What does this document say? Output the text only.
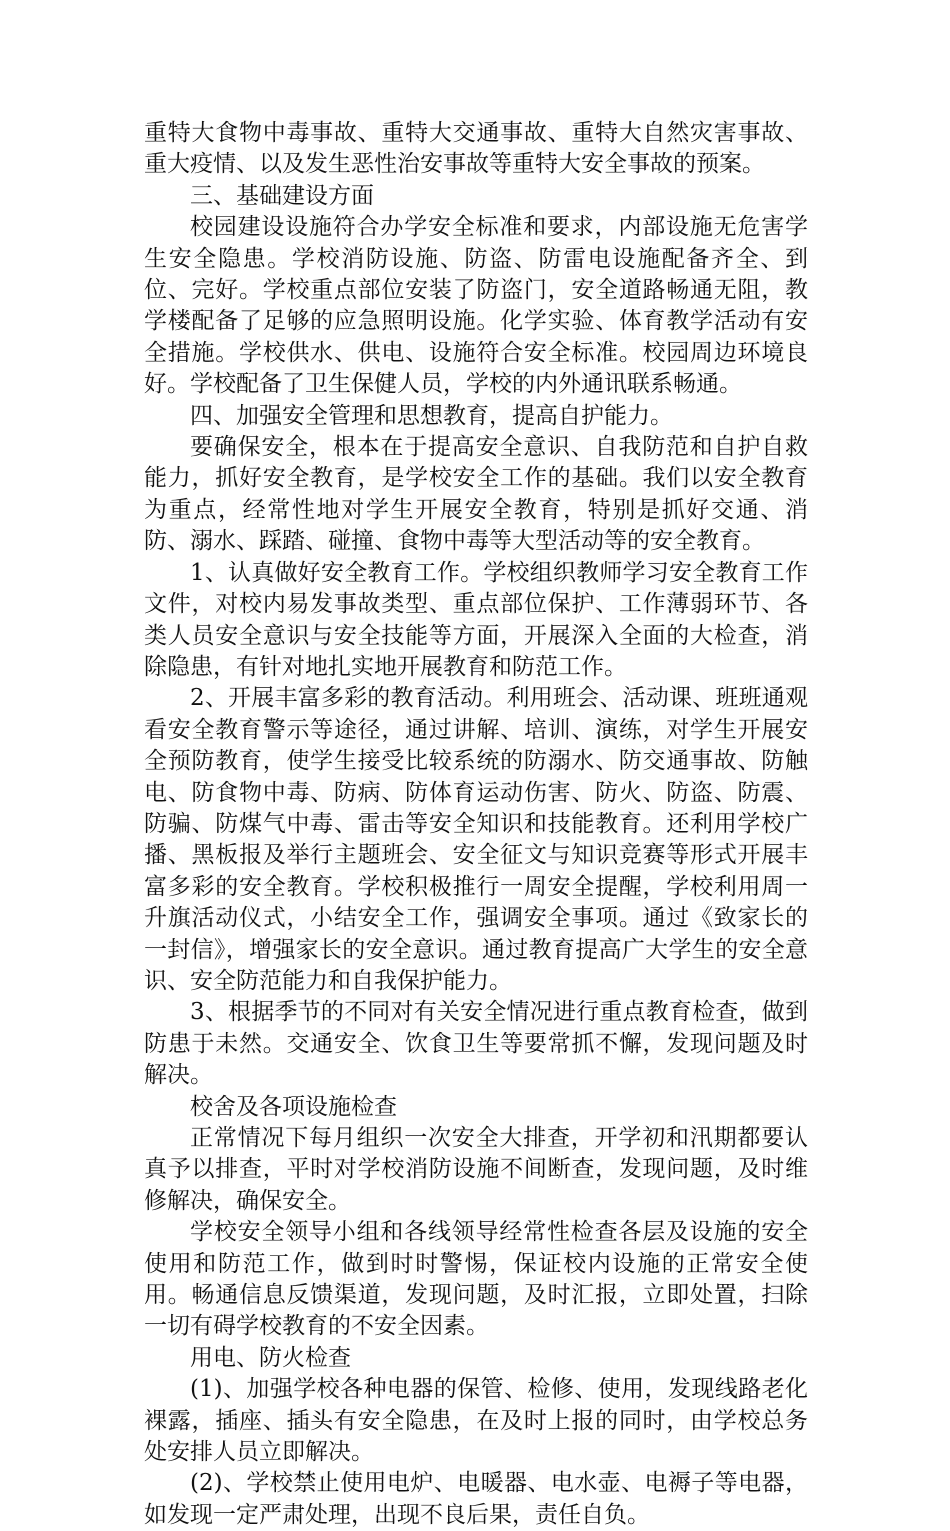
重特大食物中毒事故、重特大交通事故、重特大自然灾害事故、重大疫情、以及发生恶性治安事故等重特大安全事故的预案。

三、基础建设方面

校园建设设施符合办学安全标准和要求，内部设施无危害学生安全隐患。学校消防设施、防盗、防雷电设施配备齐全、到位、完好。学校重点部位安装了防盗门，安全道路畅通无阻，教学楼配备了足够的应急照明设施。化学实验、体育教学活动有安全措施。学校供水、供电、设施符合安全标准。校园周边环境良好。学校配备了卫生保健人员，学校的内外通讯联系畅通。

四、加强安全管理和思想教育，提高自护能力。

要确保安全，根本在于提高安全意识、自我防范和自护自救能力，抓好安全教育，是学校安全工作的基础。我们以安全教育为重点，经常性地对学生开展安全教育，特别是抓好交通、消防、溺水、踩踏、碰撞、食物中毒等大型活动等的安全教育。

1、认真做好安全教育工作。学校组织教师学习安全教育工作文件，对校内易发事故类型、重点部位保护、工作薄弱环节、各类人员安全意识与安全技能等方面，开展深入全面的大检查，消除隐患，有针对地扎实地开展教育和防范工作。

2、开展丰富多彩的教育活动。利用班会、活动课、班班通观看安全教育警示等途径，通过讲解、培训、演练，对学生开展安全预防教育，使学生接受比较系统的防溺水、防交通事故、防触电、防食物中毒、防病、防体育运动伤害、防火、防盗、防震、防骗、防煤气中毒、雷击等安全知识和技能教育。还利用学校广播、黑板报及举行主题班会、安全征文与知识竞赛等形式开展丰富多彩的安全教育。学校积极推行一周安全提醒，学校利用周一升旗活动仪式，小结安全工作，强调安全事项。通过《致家长的一封信》，增强家长的安全意识。通过教育提高广大学生的安全意识、安全防范能力和自我保护能力。

3、根据季节的不同对有关安全情况进行重点教育检查，做到防患于未然。交通安全、饮食卫生等要常抓不懈，发现问题及时解决。

校舍及各项设施检查

正常情况下每月组织一次安全大排查，开学初和汛期都要认真予以排查，平时对学校消防设施不间断查，发现问题，及时维修解决，确保安全。

学校安全领导小组和各线领导经常性检查各层及设施的安全使用和防范工作，做到时时警惕，保证校内设施的正常安全使用。畅通信息反馈渠道，发现问题，及时汇报，立即处置，扫除一切有碍学校教育的不安全因素。

用电、防火检查

(1)、加强学校各种电器的保管、检修、使用，发现线路老化裸露，插座、插头有安全隐患，在及时上报的同时，由学校总务处安排人员立即解决。

(2)、学校禁止使用电炉、电暖器、电水壶、电褥子等电器，如发现一定严肃处理，出现不良后果，责任自负。
